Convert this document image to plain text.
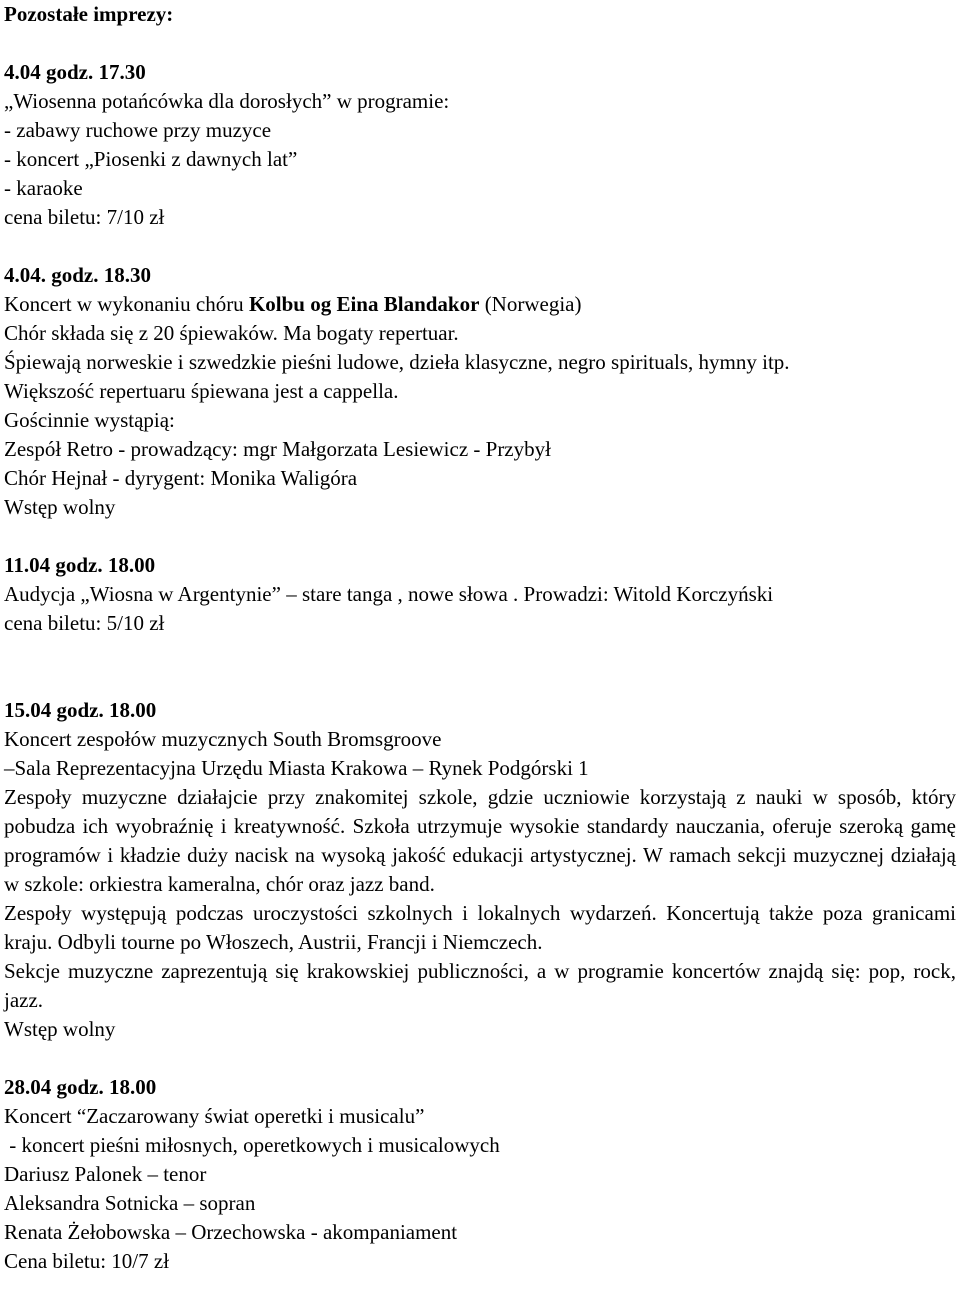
Pozostałe imprezy:
4.04 godz. 17.30
„Wiosenna potańcówka dla dorosłych” w programie:
- zabawy ruchowe przy muzyce
- koncert „Piosenki z dawnych lat”
- karaoke
cena biletu: 7/10 zł
4.04. godz. 18.30
Koncert w wykonaniu chóru Kolbu og Eina Blandakor (Norwegia)
Chór składa się z 20 śpiewaków. Ma bogaty repertuar.
Śpiewają norweskie i szwedzkie pieśni ludowe, dzieła klasyczne, negro spirituals, hymny itp.
Większość repertuaru śpiewana jest a cappella.
Gościnnie wystąpią:
Zespół Retro - prowadzący: mgr Małgorzata Lesiewicz - Przybył
Chór Hejnał - dyrygent: Monika Waligóra
Wstęp wolny
11.04 godz. 18.00
Audycja „Wiosna w Argentynie” – stare tanga , nowe słowa . Prowadzi: Witold Korczyński
cena biletu: 5/10 zł
15.04 godz. 18.00
Koncert zespołów muzycznych South Bromsgroove
–Sala Reprezentacyjna Urzędu Miasta Krakowa – Rynek Podgórski 1
Zespoły muzyczne działajcie przy znakomitej szkole, gdzie uczniowie korzystają z nauki w sposób, który pobudza ich wyobraźnię i kreatywność. Szkoła utrzymuje wysokie standardy nauczania, oferuje szeroką gamę programów i kładzie duży nacisk na wysoką jakość edukacji artystycznej. W ramach sekcji muzycznej działają w szkole: orkiestra kameralna, chór oraz jazz band.
Zespoły występują podczas uroczystości szkolnych i lokalnych wydarzeń. Koncertują także poza granicami kraju. Odbyli tourne po Włoszech, Austrii, Francji i Niemczech.
Sekcje muzyczne zaprezentują się krakowskiej publiczności, a w programie koncertów znajdą się: pop, rock, jazz.
Wstęp wolny
28.04 godz. 18.00
Koncert “Zaczarowany świat operetki i musicalu”
- koncert pieśni miłosnych, operetkowych i musicalowych
Dariusz Palonek – tenor
Aleksandra Sotnicka – sopran
Renata Żełobowska – Orzechowska - akompaniament
Cena biletu: 10/7 zł
